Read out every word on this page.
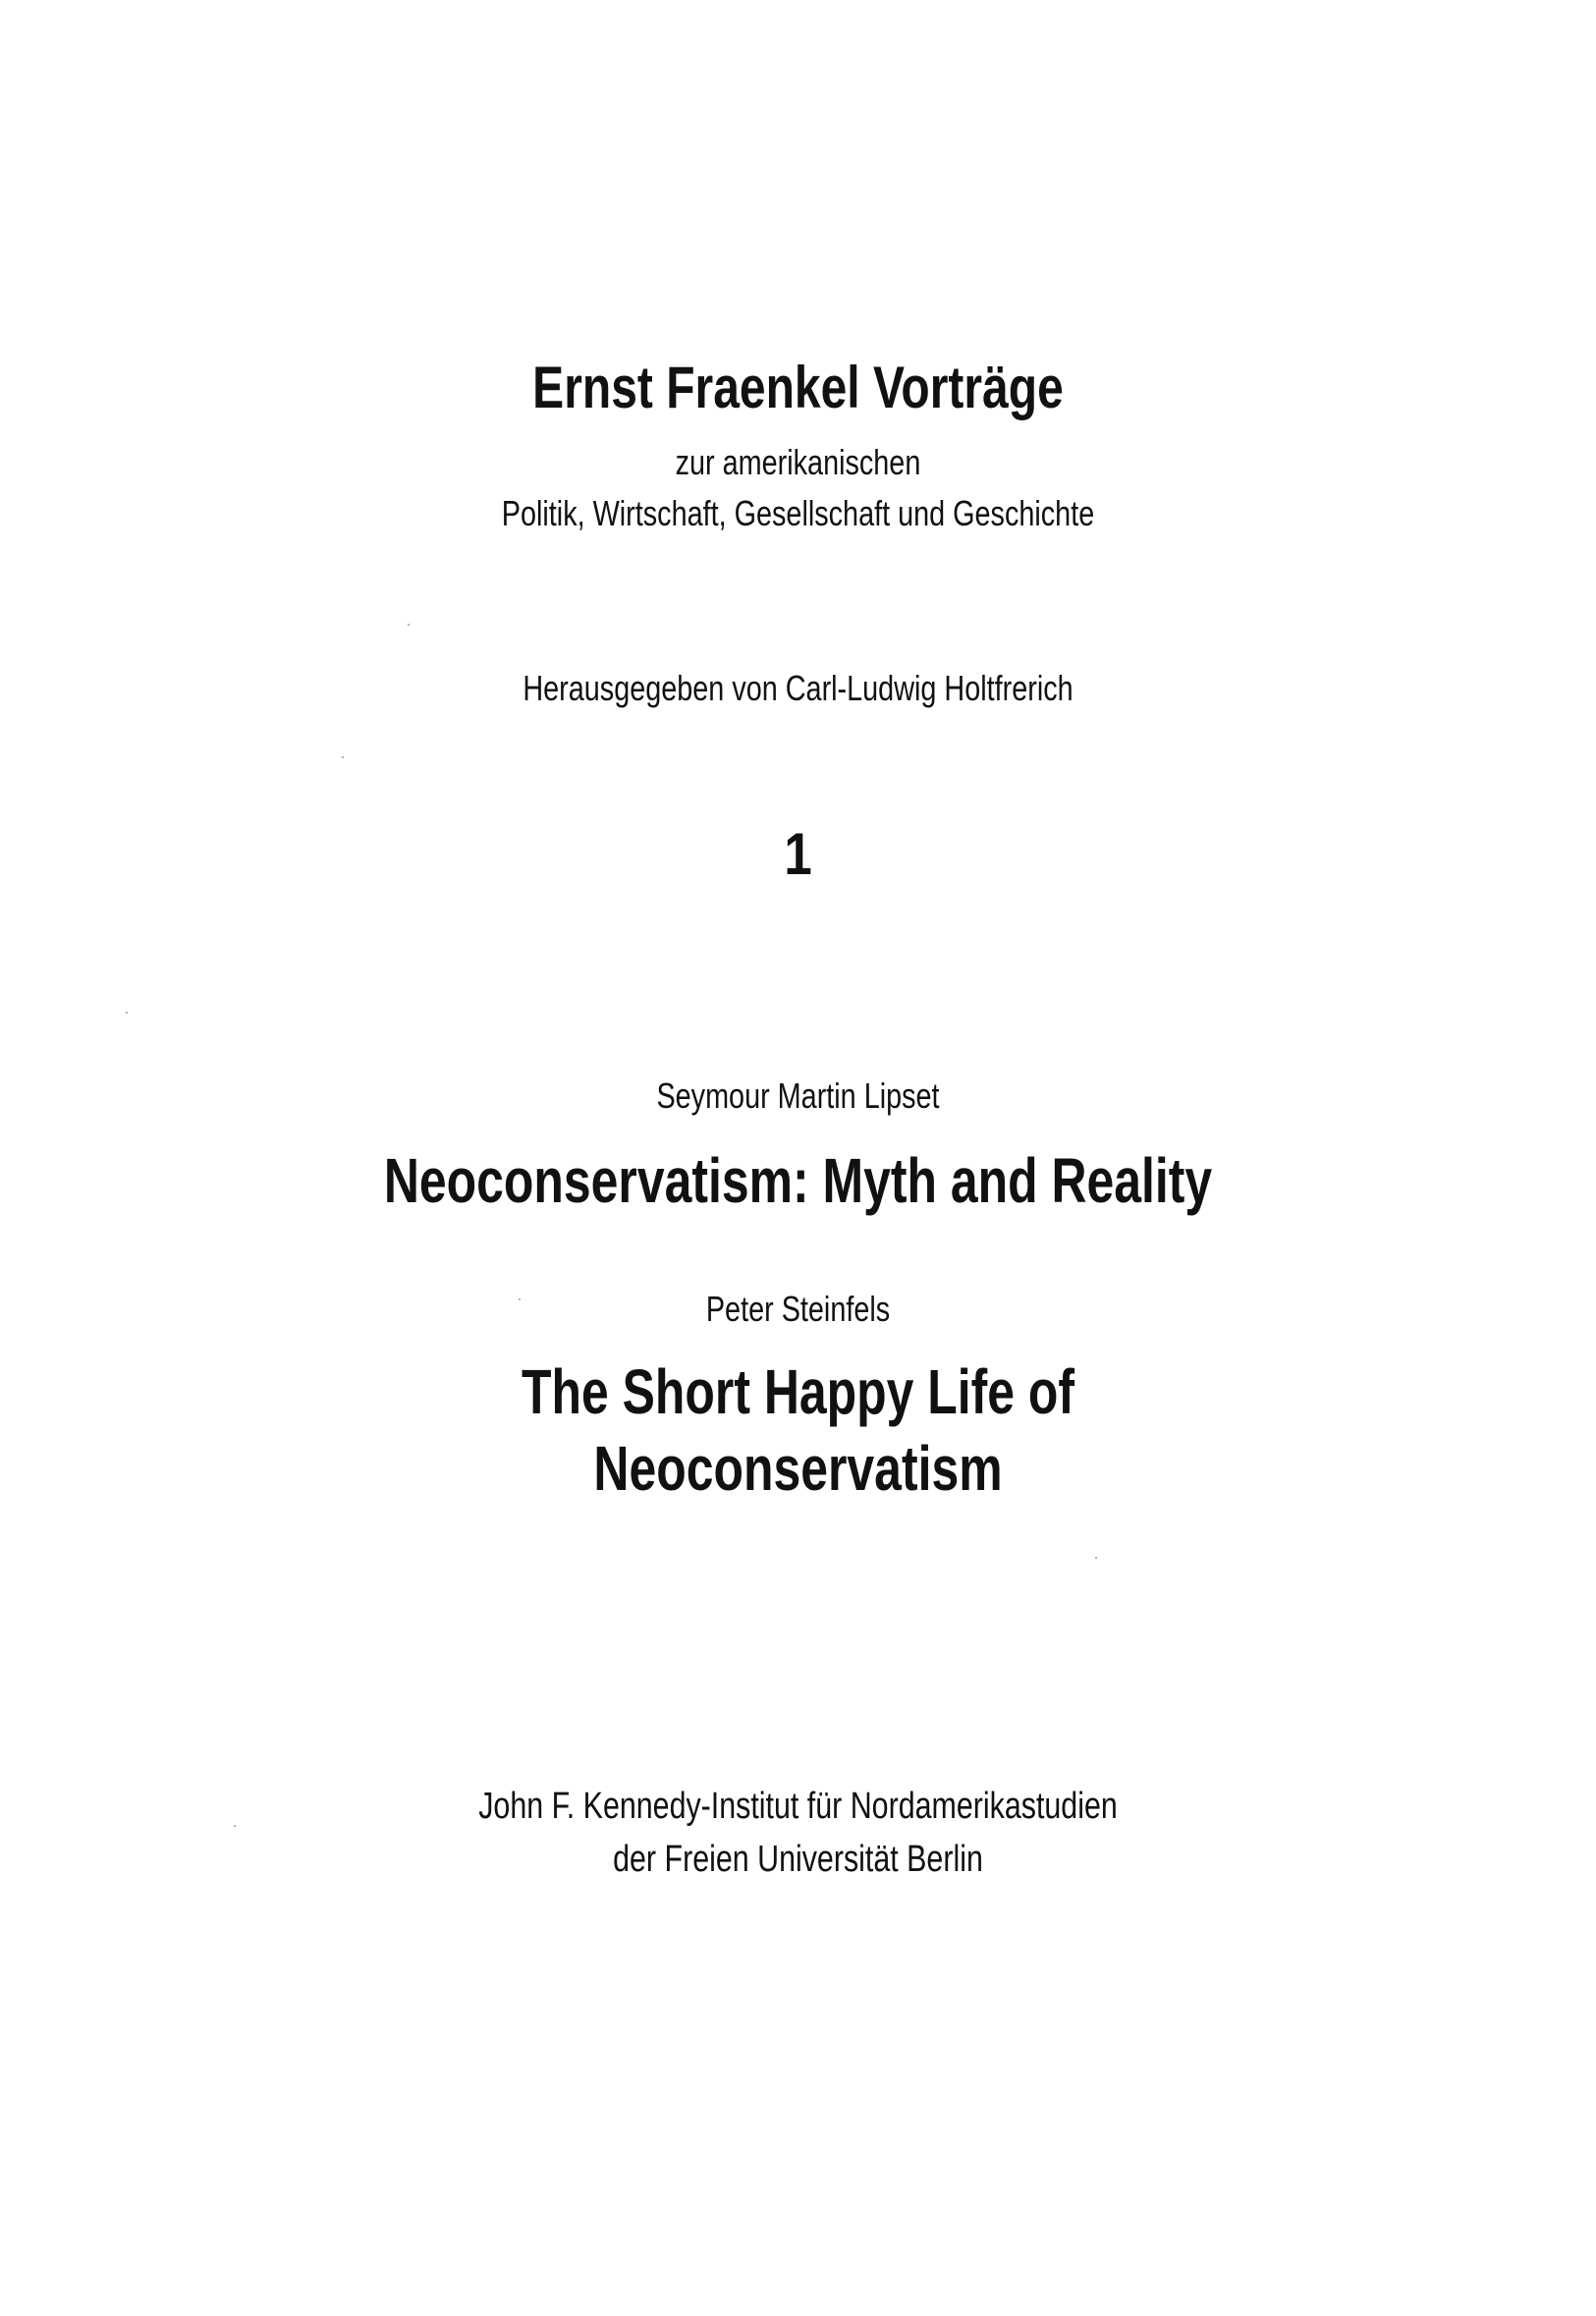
Ernst Fraenkel Vorträge
zur amerikanischen
Politik, Wirtschaft, Gesellschaft und Geschichte
Herausgegeben von Carl-Ludwig Holtfrerich
1
Seymour Martin Lipset
Neoconservatism: Myth and Reality
Peter Steinfels
The Short Happy Life of
Neoconservatism
John F. Kennedy-Institut für Nordamerikastudien
der Freien Universität Berlin
